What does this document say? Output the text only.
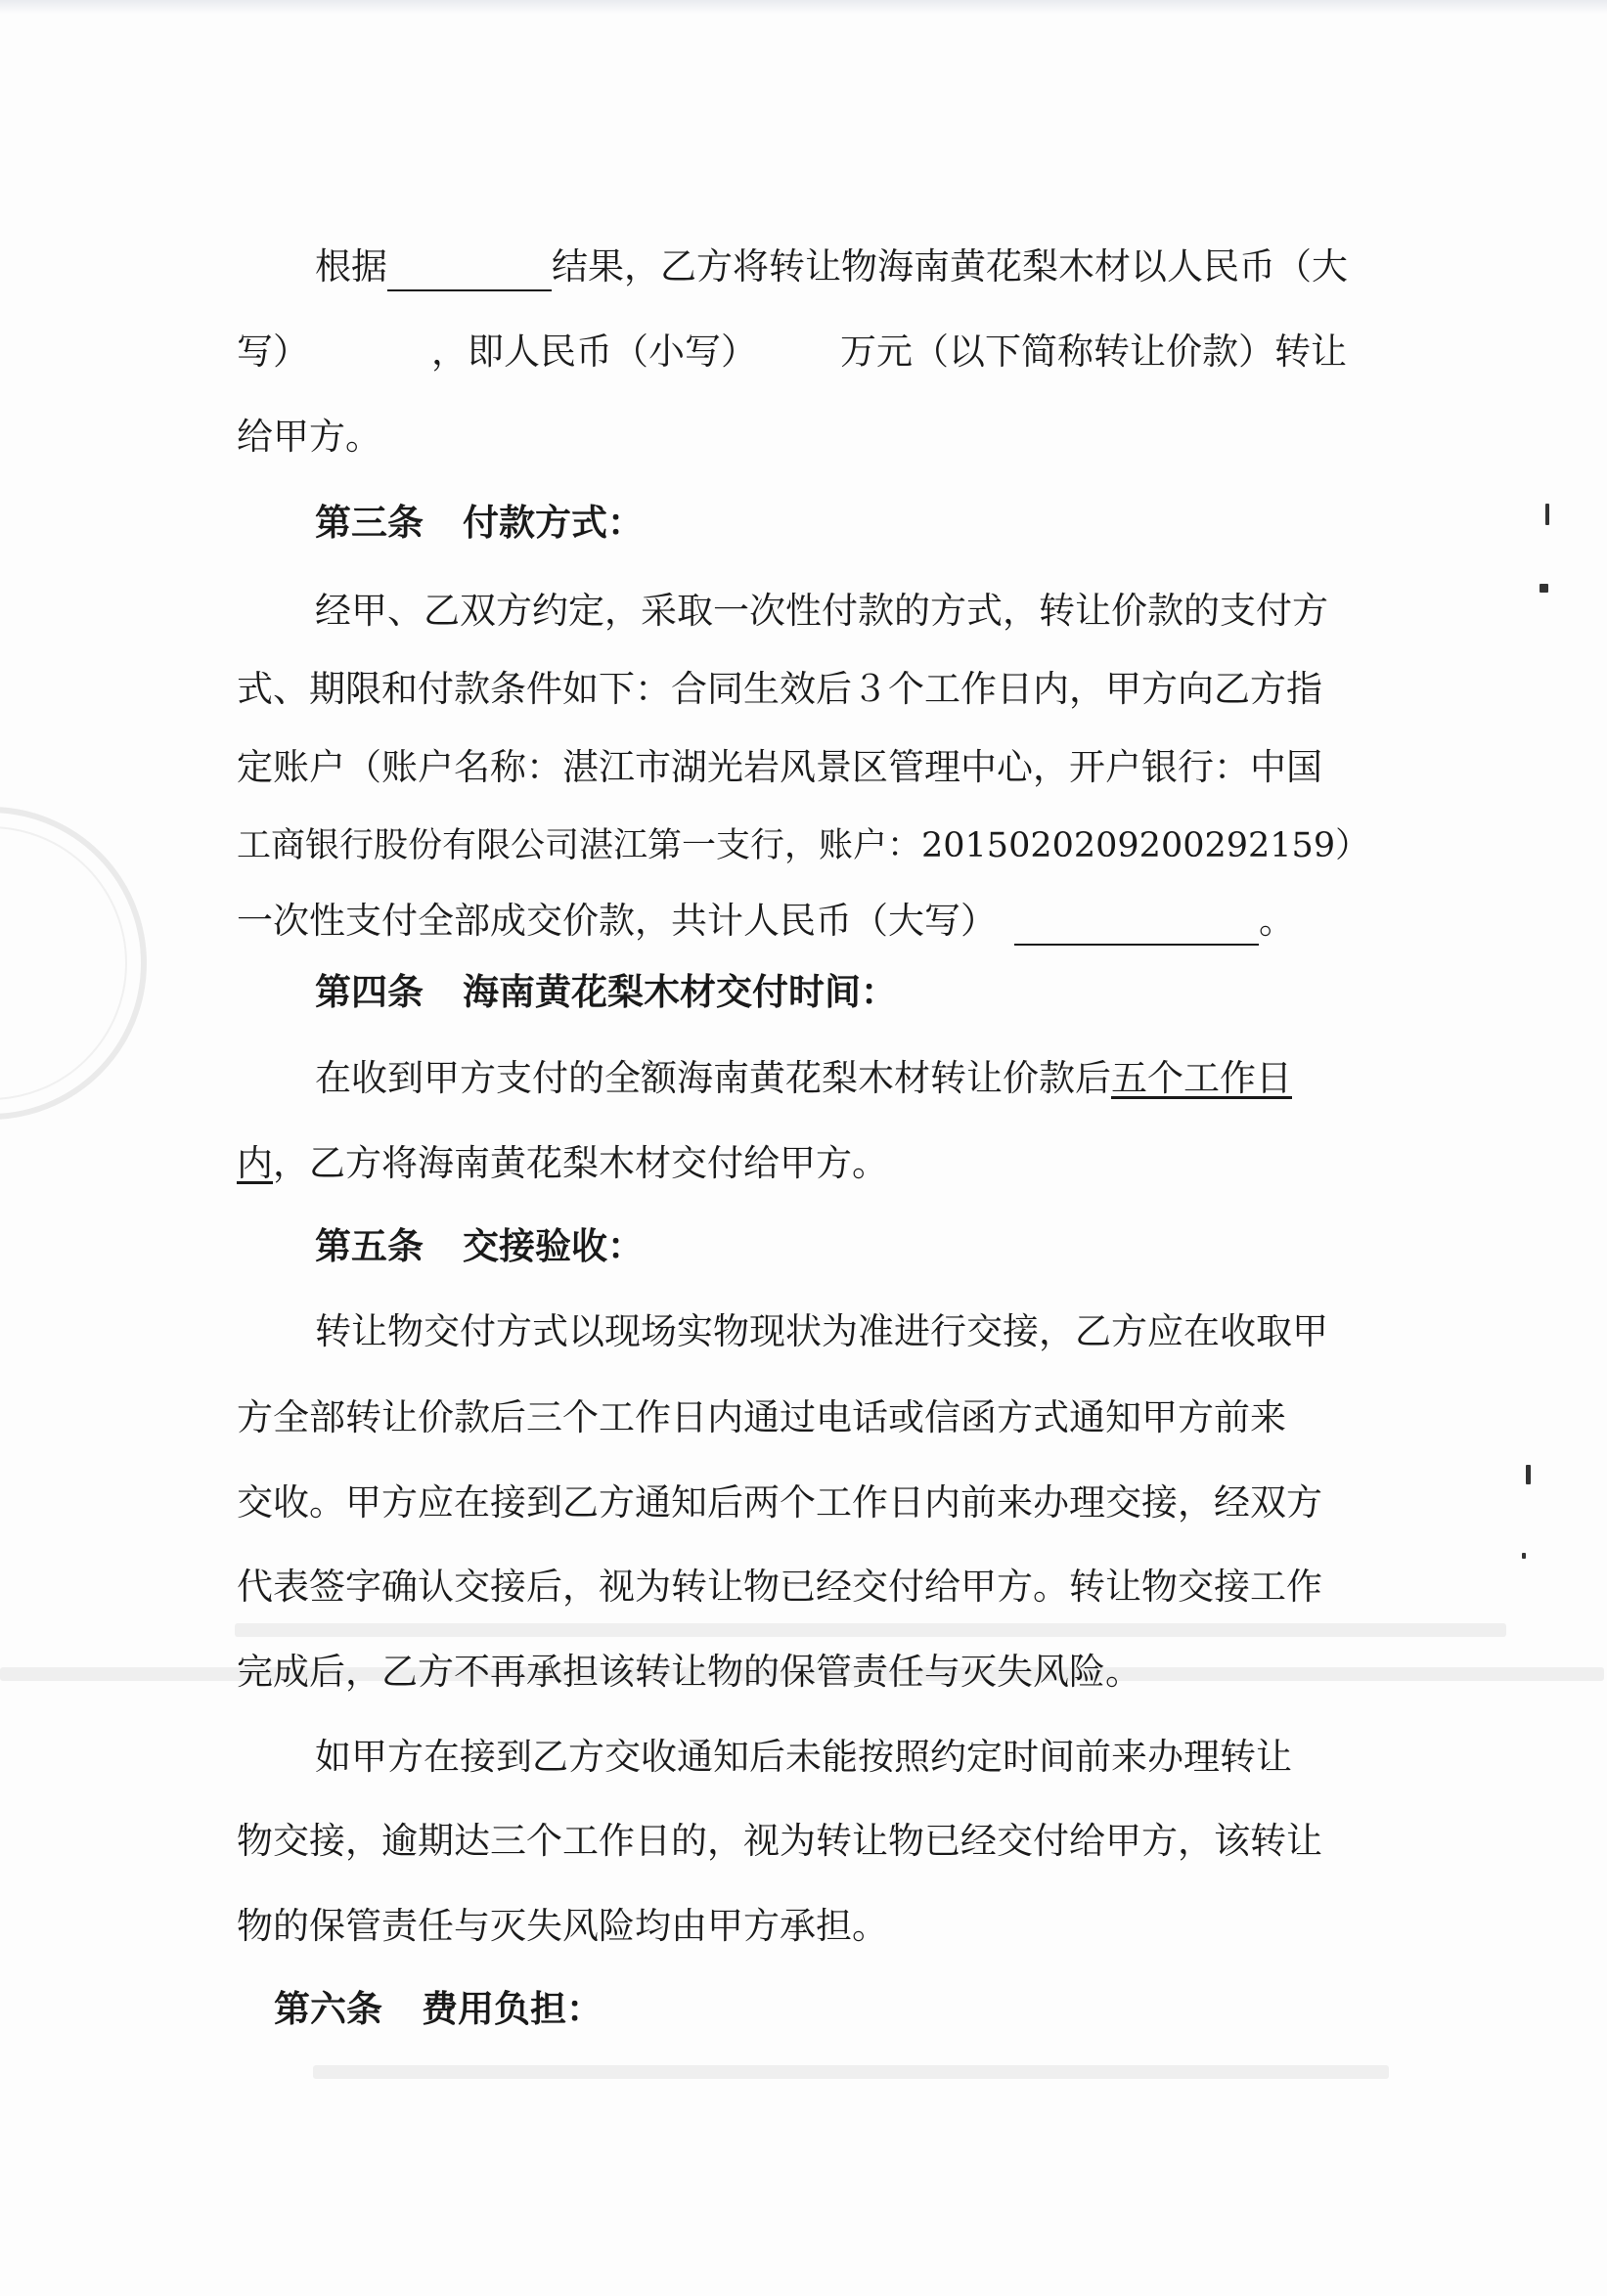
根据	结果，乙方将转让物海南黄花梨木材以人民币（大
写）	，即人民币（小写） 万元（以下简称转让价款）转让
给甲方。
第三条 付款方式：
经甲、乙双方约定，采取一次性付款的方式，转让价款的支付方
式、期限和付款条件如下：合同生效后３个工作日内，甲方向乙方指
定账户（账户名称：湛江市湖光岩风景区管理中心，开户银行：中国
工商银行股份有限公司湛江第一支行，账户：2015020209200292159）
一次性支付全部成交价款，共计人民币（大写）	。
第四条 海南黄花梨木材交付时间：
在收到甲方支付的全额海南黄花梨木材转让价款后五个工作日
内，乙方将海南黄花梨木材交付给甲方。
第五条 交接验收：
转让物交付方式以现场实物现状为准进行交接，乙方应在收取甲
方全部转让价款后三个工作日内通过电话或信函方式通知甲方前来
交收。甲方应在接到乙方通知后两个工作日内前来办理交接，经双方
代表签字确认交接后，视为转让物已经交付给甲方。转让物交接工作
完成后，乙方不再承担该转让物的保管责任与灭失风险。
如甲方在接到乙方交收通知后未能按照约定时间前来办理转让
物交接，逾期达三个工作日的，视为转让物已经交付给甲方，该转让
物的保管责任与灭失风险均由甲方承担。
第六条 费用负担：
